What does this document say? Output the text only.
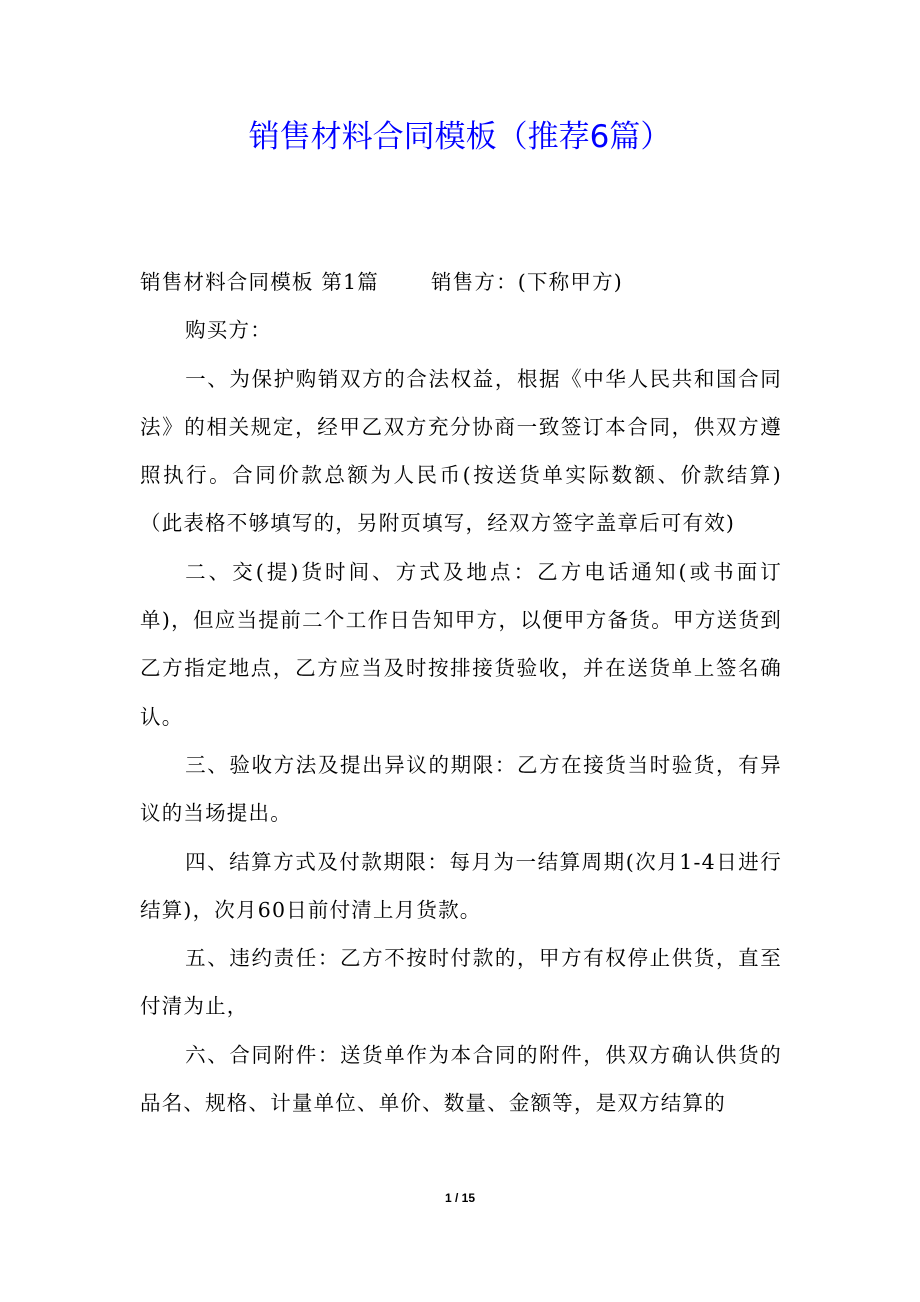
销售材料合同模板（推荐6篇）

销售材料合同模板 第1篇	销售方：(下称甲方)

购买方：

一、为保护购销双方的合法权益，根据《中华人民共和国合同法》的相关规定，经甲乙双方充分协商一致签订本合同，供双方遵照执行。合同价款总额为人民币(按送货单实际数额、价款结算)（此表格不够填写的，另附页填写，经双方签字盖章后可有效)

二、交(提)货时间、方式及地点：乙方电话通知(或书面订单)，但应当提前二个工作日告知甲方，以便甲方备货。甲方送货到乙方指定地点，乙方应当及时按排接货验收，并在送货单上签名确认。

三、验收方法及提出异议的期限：乙方在接货当时验货，有异议的当场提出。

四、结算方式及付款期限：每月为一结算周期(次月1-4日进行结算)，次月60日前付清上月货款。

五、违约责任：乙方不按时付款的，甲方有权停止供货，直至付清为止，

六、合同附件：送货单作为本合同的附件，供双方确认供货的品名、规格、计量单位、单价、数量、金额等，是双方结算的

1 / 15
